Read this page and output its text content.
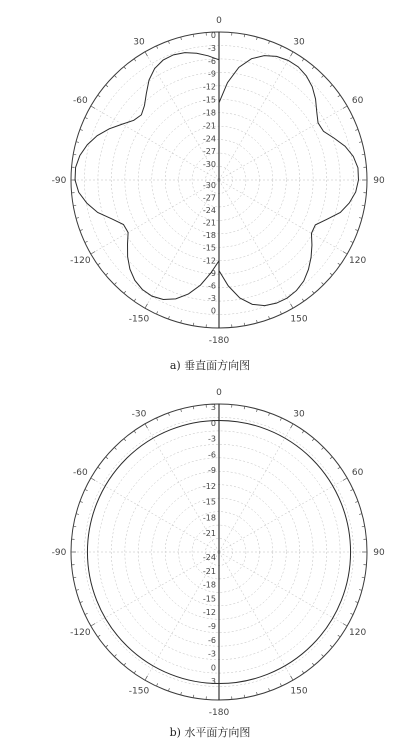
0
-3
-6
-9
-12
-15
-18
-21
-24
-27
-30
-30
-27
-24
-21
-18
-15
-12
-9
-6
-3
0
0
30
60
90
120
150
-180
-150
-120
-90
-60
30
a) 垂直面方向图
3
0
-3
-6
-9
-12
-15
-18
-21
-24
-21
-18
-15
-12
-9
-6
-3
0
3
0
30
60
90
120
150
-180
-150
-120
-90
-60
-30
b) 水平面方向图
